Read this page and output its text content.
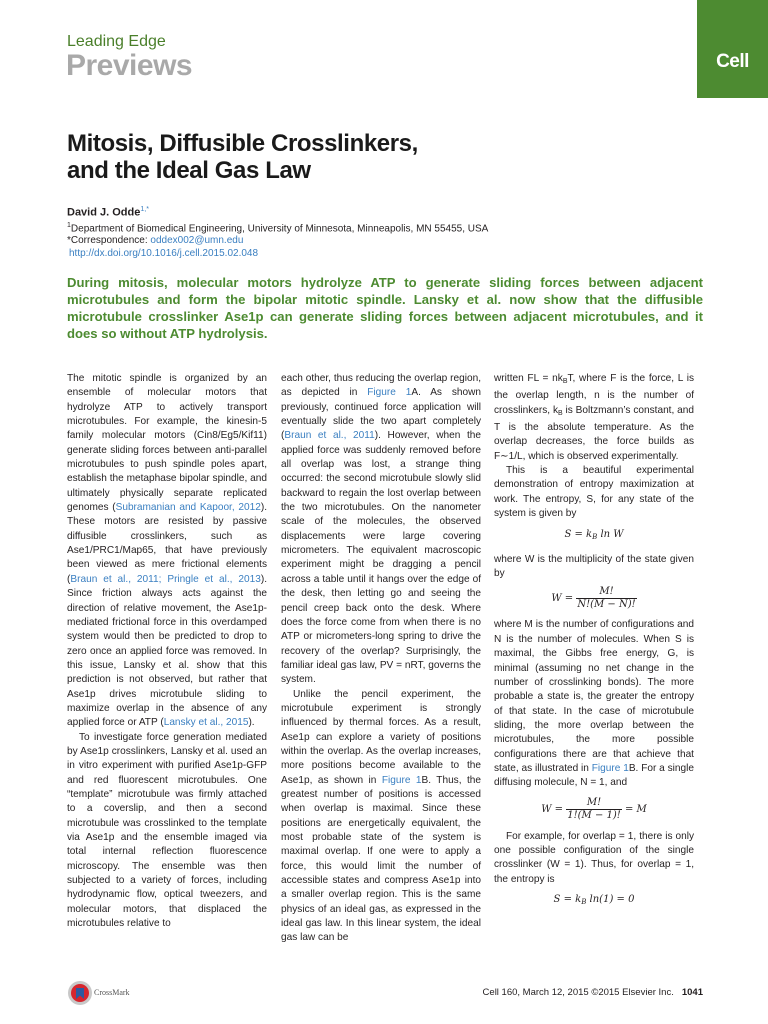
Leading Edge
Previews	Cell
Mitosis, Diffusible Crosslinkers,
and the Ideal Gas Law
David J. Odde$^{1,*}$
$^1$Department of Biomedical Engineering, University of Minnesota, Minneapolis, MN 55455, USA
*Correspondence: oddex002@umn.edu
http://dx.doi.org/10.1016/j.cell.2015.02.048

During mitosis, molecular motors hydrolyze ATP to generate sliding forces between adjacent microtubules and form the bipolar mitotic spindle. Lansky et al. now show that the diffusible microtubule crosslinker Ase1p can generate sliding forces between adjacent microtubules, and it does so without ATP hydrolysis.

The mitotic spindle is organized by an ensemble of molecular motors that hydrolyze ATP to actively transport microtubules. For example, the kinesin-5 family molecular motors (Cin8/Eg5/Kif11) generate sliding forces between anti-parallel microtubules to push spindle poles apart, establish the metaphase bipolar spindle, and ultimately physically separate replicated genomes (Subramanian and Kapoor, 2012). These motors are resisted by passive diffusible crosslinkers, such as Ase1/PRC1/Map65, that have previously been viewed as mere frictional elements (Braun et al., 2011; Pringle et al., 2013). Since friction always acts against the direction of relative movement, the Ase1p-mediated frictional force in this overdamped system would then be predicted to drop to zero once an applied force was removed. In this issue, Lansky et al. show that this prediction is not observed, but rather that Ase1p drives microtubule sliding to maximize overlap in the absence of any applied force or ATP (Lansky et al., 2015).

To investigate force generation mediated by Ase1p crosslinkers, Lansky et al. used an in vitro experiment with purified Ase1p-GFP and red fluorescent microtubules. One “template” microtubule was firmly attached to a coverslip, and then a second microtubule was crosslinked to the template via Ase1p and the ensemble imaged via total internal reflection fluorescence microscopy. The ensemble was then subjected to a variety of forces, including hydrodynamic flow, optical tweezers, and molecular motors, that displaced the microtubules relative to

each other, thus reducing the overlap region, as depicted in Figure 1A. As shown previously, continued force application will eventually slide the two apart completely (Braun et al., 2011). However, when the applied force was suddenly removed before all overlap was lost, a strange thing occurred: the second microtubule slowly slid backward to regain the lost overlap between the two microtubules. On the nanometer scale of the molecules, the observed displacements were large covering micrometers. The equivalent macroscopic experiment might be dragging a pencil across a table until it hangs over the edge of the desk, then letting go and seeing the pencil creep back onto the desk. Where does the force come from when there is no ATP or micrometers-long spring to drive the recovery of the overlap? Surprisingly, the familiar ideal gas law, PV = nRT, governs the system.

Unlike the pencil experiment, the microtubule experiment is strongly influenced by thermal forces. As a result, Ase1p can explore a variety of positions within the overlap. As the overlap increases, more positions become available to the Ase1p, as shown in Figure 1B. Thus, the greatest number of positions is accessed when overlap is maximal. Since these positions are energetically equivalent, the most probable state of the system is maximal overlap. If one were to apply a force, this would limit the number of accessible states and compress Ase1p into a smaller overlap region. This is the same physics of an ideal gas, as expressed in the ideal gas law. In this linear system, the ideal gas law can be

written FL = $nk_BT$, where F is the force, L is the overlap length, n is the number of crosslinkers, $k_B$ is Boltzmann’s constant, and T is the absolute temperature. As the overlap decreases, the force builds as F∼1/L, which is observed experimentally.

This is a beautiful experimental demonstration of entropy maximization at work. The entropy, S, for any state of the system is given by

$S = k_B$ ln W

where W is the multiplicity of the state given by

$W = \frac{M!}{N!(M - N)!}$

where M is the number of configurations and N is the number of molecules. When S is maximal, the Gibbs free energy, G, is minimal (assuming no net change in the number of crosslinking bonds). The more probable a state is, the greater the entropy of that state. In the case of microtubule sliding, the more overlap between the microtubules, the more possible configurations there are that achieve that state, as illustrated in Figure 1B. For a single diffusing molecule, N = 1, and

$W = \frac{M!}{1!(M - 1)!} = M$

For example, for overlap = 1, there is only one possible configuration of the single crosslinker (W = 1). Thus, for overlap = 1, the entropy is

$S = k_B$ ln(1) = 0

CrossMark	Cell 160, March 12, 2015 ©2015 Elsevier Inc. 1041
